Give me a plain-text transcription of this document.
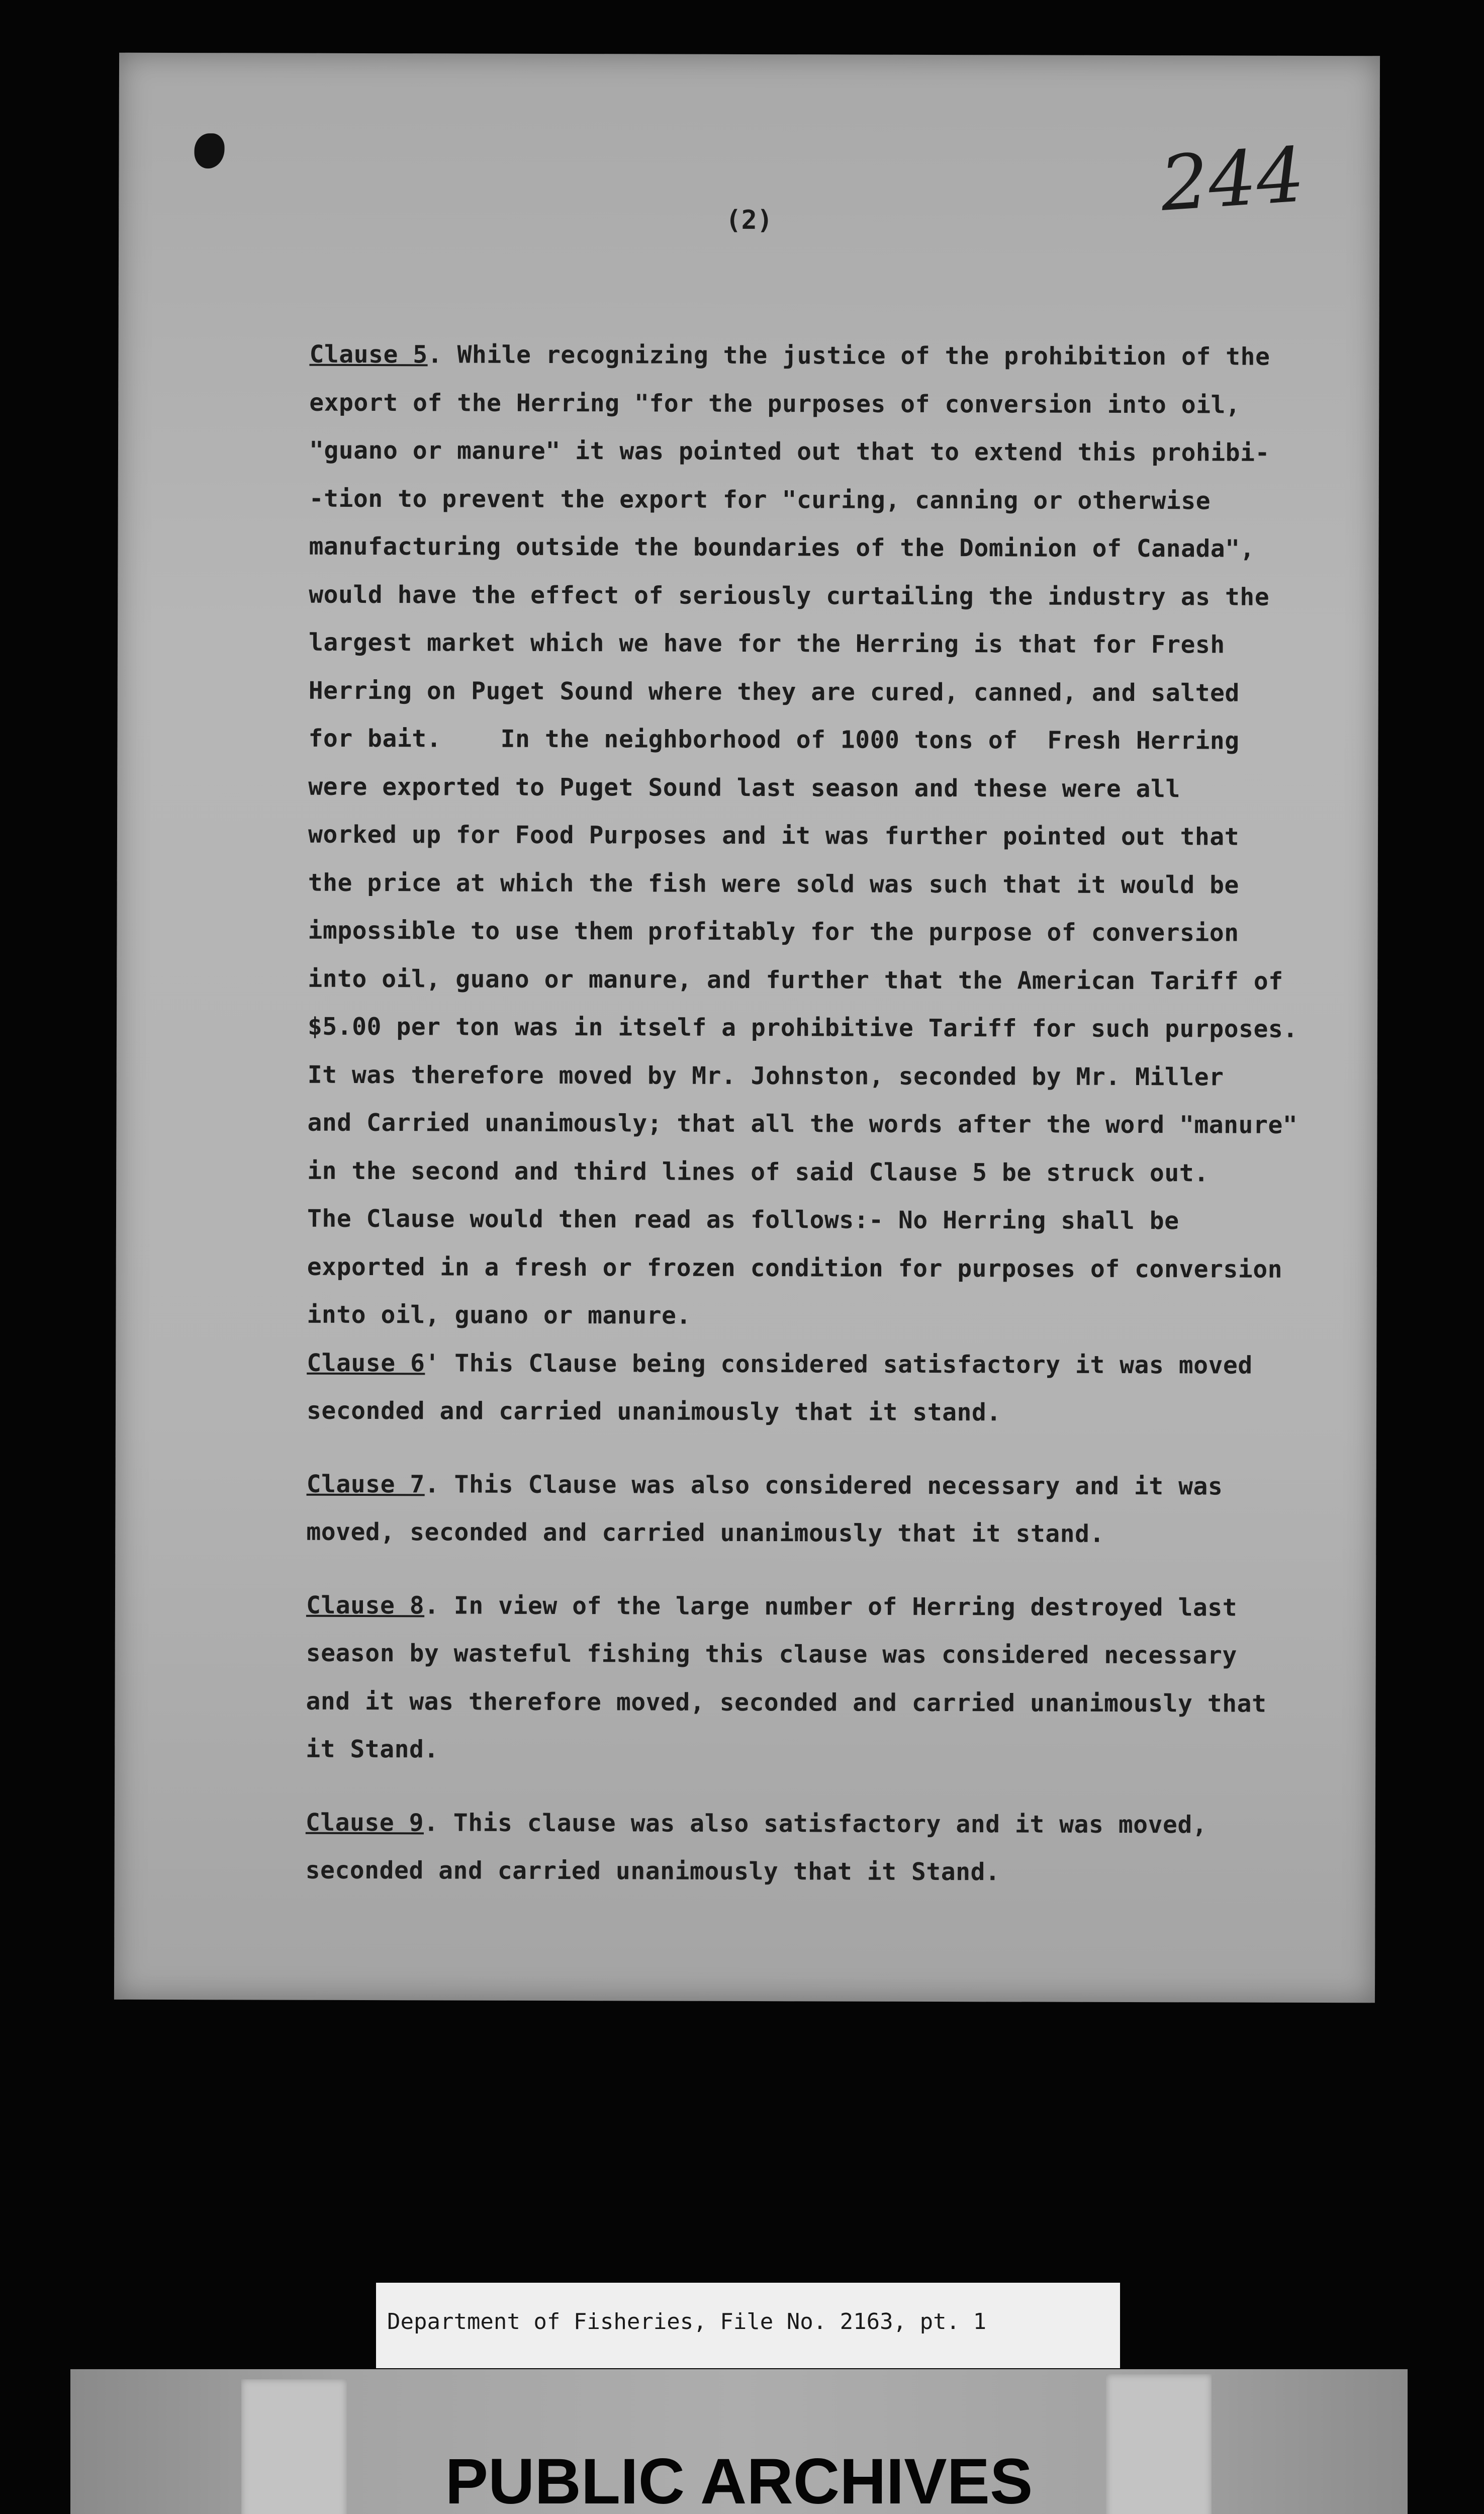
244
(2)
Clause 5. While recognizing the justice of the prohibition of the
export of the Herring "for the purposes of conversion into oil,
"guano or manure" it was pointed out that to extend this prohibi-
-tion to prevent the export for "curing, canning or otherwise
manufacturing outside the boundaries of the Dominion of Canada",
would have the effect of seriously curtailing the industry as the
largest market which we have for the Herring is that for Fresh
Herring on Puget Sound where they are cured, canned, and salted
for bait.    In the neighborhood of 1000 tons of  Fresh Herring
were exported to Puget Sound last season and these were all
worked up for Food Purposes and it was further pointed out that
the price at which the fish were sold was such that it would be
impossible to use them profitably for the purpose of conversion
into oil, guano or manure, and further that the American Tariff of
$5.00 per ton was in itself a prohibitive Tariff for such purposes.
It was therefore moved by Mr. Johnston, seconded by Mr. Miller
and Carried unanimously; that all the words after the word "manure"
in the second and third lines of said Clause 5 be struck out.
The Clause would then read as follows:- No Herring shall be
exported in a fresh or frozen condition for purposes of conversion
into oil, guano or manure.
Clause 6' This Clause being considered satisfactory it was moved
seconded and carried unanimously that it stand.
Clause 7. This Clause was also considered necessary and it was
moved, seconded and carried unanimously that it stand.
Clause 8. In view of the large number of Herring destroyed last
season by wasteful fishing this clause was considered necessary
and it was therefore moved, seconded and carried unanimously that
it Stand.
Clause 9. This clause was also satisfactory and it was moved,
seconded and carried unanimously that it Stand.
Department of Fisheries, File No. 2163, pt. 1
PUBLIC ARCHIVES
